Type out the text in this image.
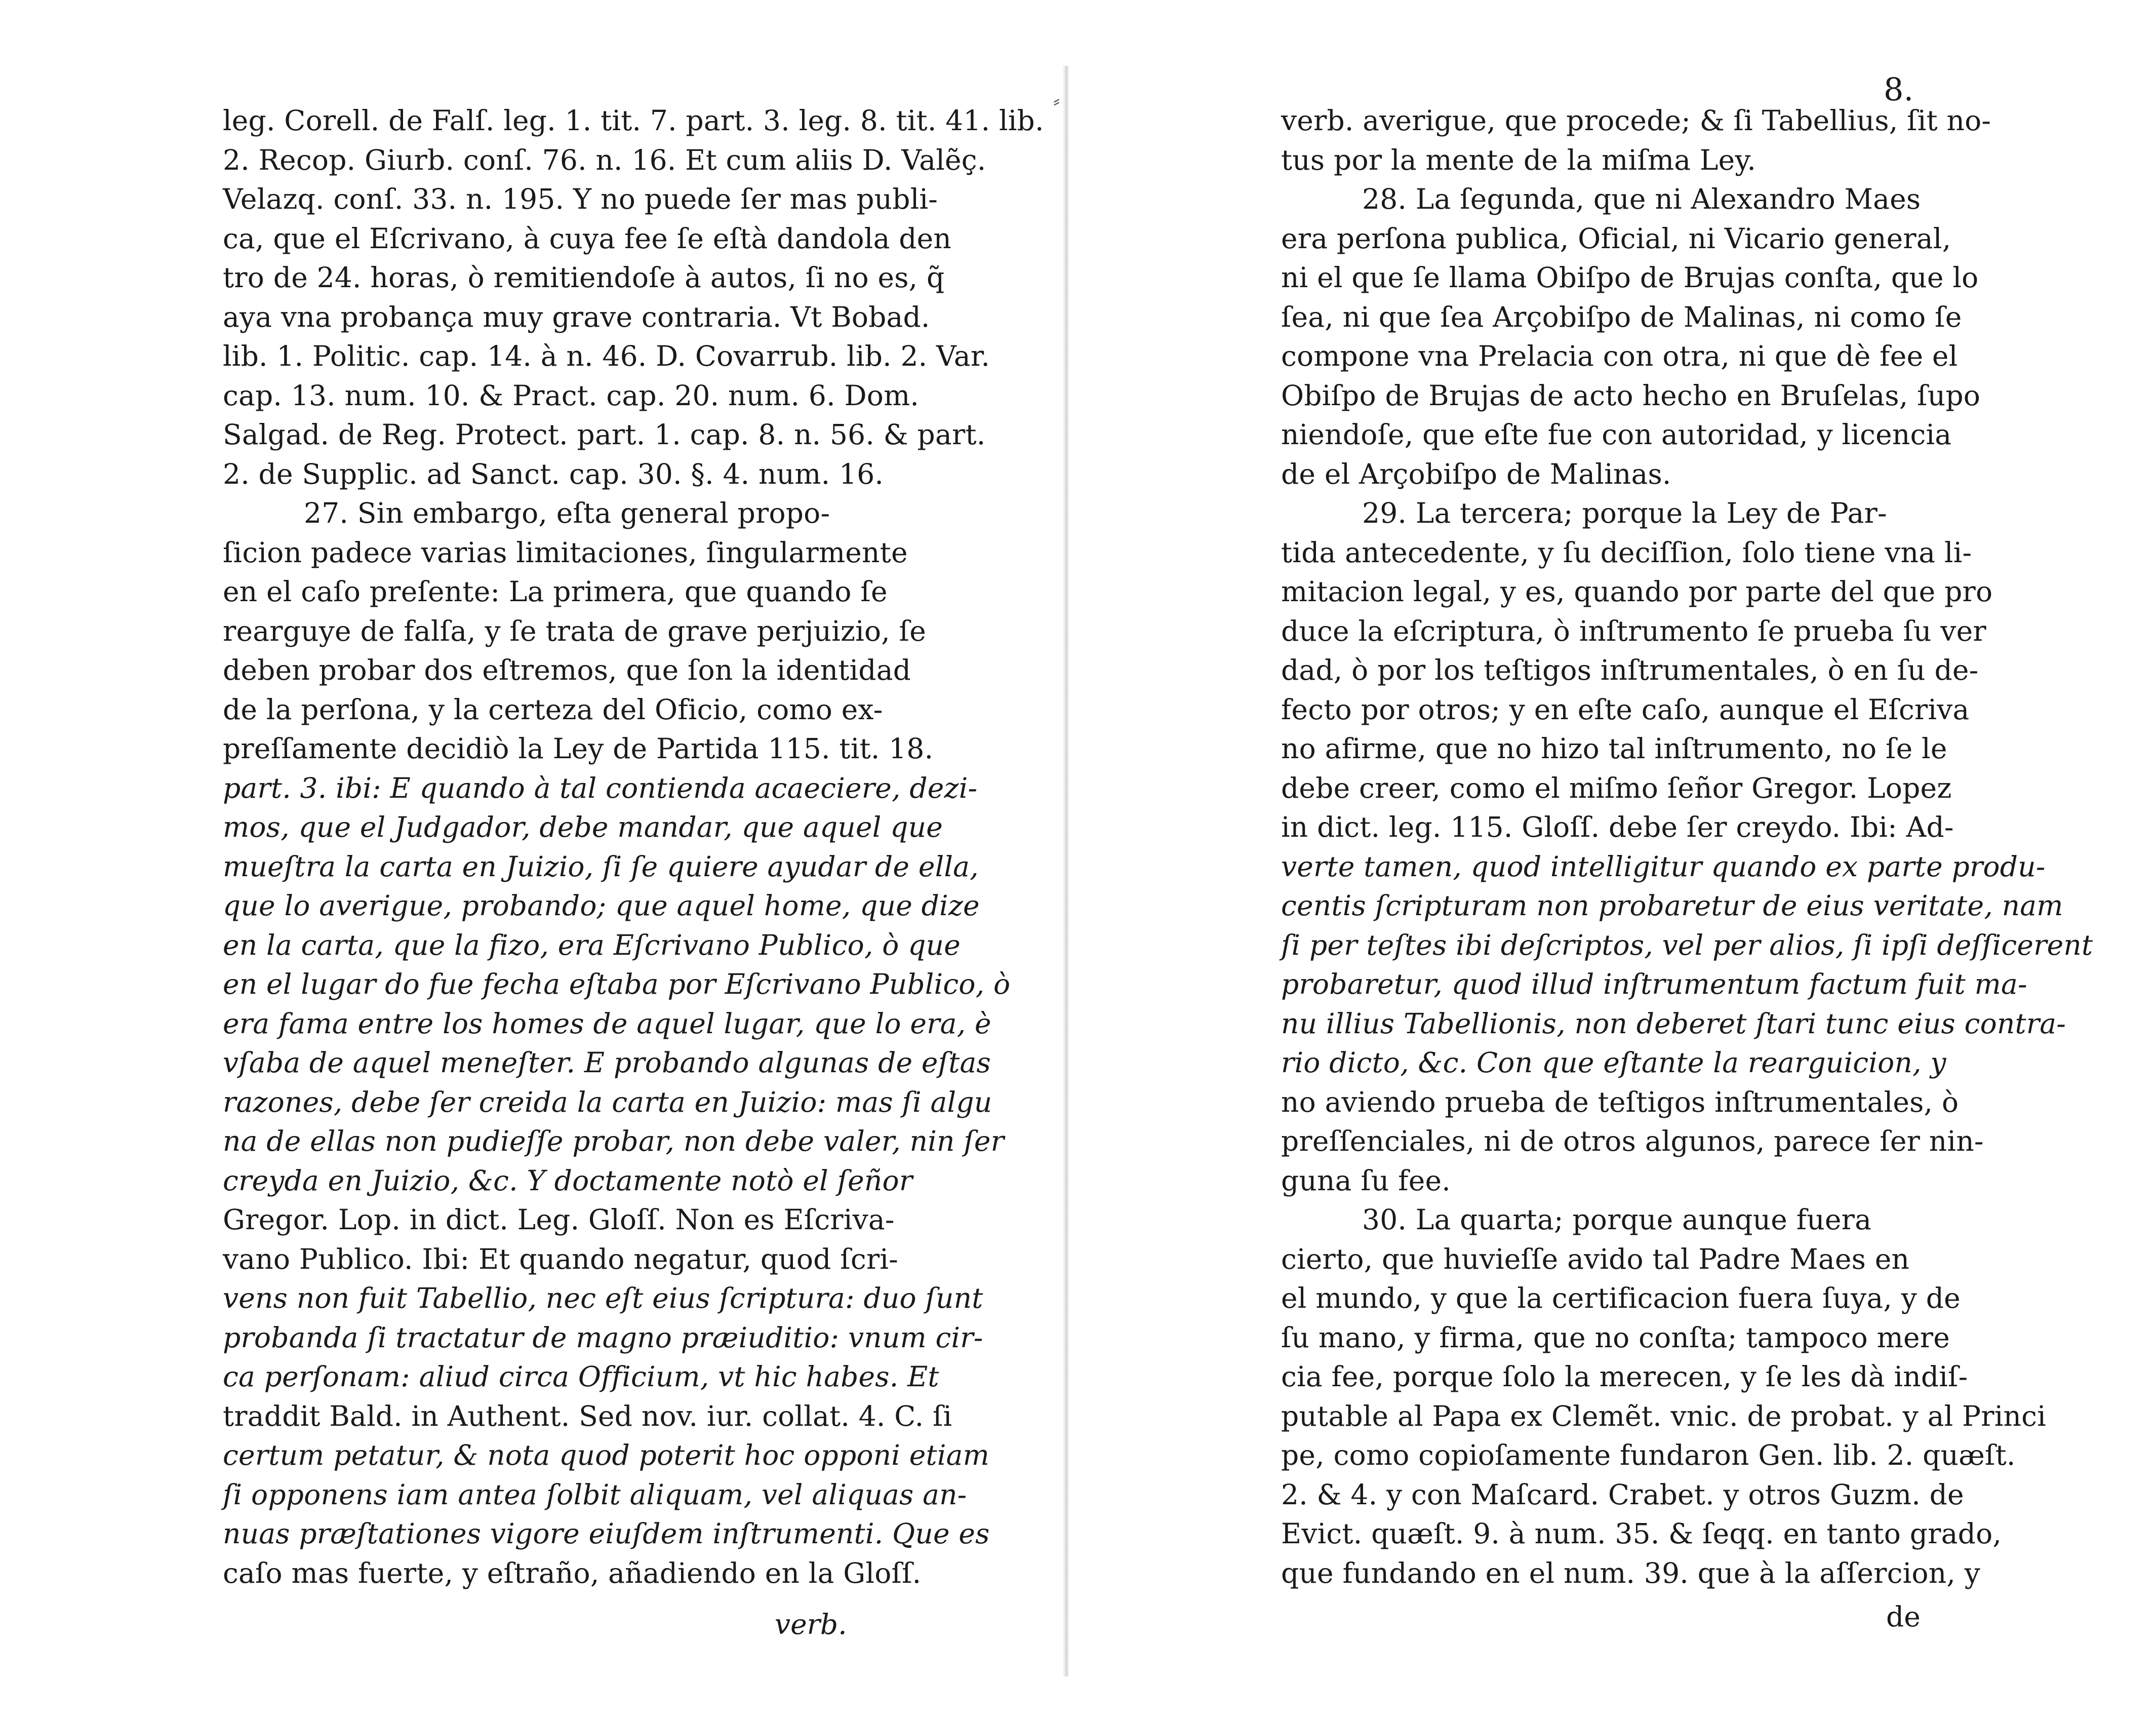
⸗	8.
leg. Corell. de Falſ. leg. 1. tit. 7. part. 3. leg. 8. tit. 41. lib.
2. Recop. Giurb. conſ. 76. n. 16. Et cum aliis D. Valẽç.
Velazq. conſ. 33. n. 195. Y no puede ſer mas publi-
ca, que el Eſcrivano, à cuya fee ſe eſtà dandola den
tro de 24. horas, ò remitiendoſe à autos, ſi no es, q̃
aya vna probança muy grave contraria. Vt Bobad.
lib. 1. Politic. cap. 14. à n. 46. D. Covarrub. lib. 2. Var.
cap. 13. num. 10. & Pract. cap. 20. num. 6. Dom.
Salgad. de Reg. Protect. part. 1. cap. 8. n. 56. & part.
2. de Supplic. ad Sanct. cap. 30. §. 4. num. 16.
27. Sin embargo, eſta general propo-
ſicion padece varias limitaciones, ſingularmente
en el caſo preſente: La primera, que quando ſe
rearguye de falſa, y ſe trata de grave perjuizio, ſe
deben probar dos eſtremos, que ſon la identidad
de la perſona, y la certeza del Oficio, como ex-
preſſamente decidiò la Ley de Partida 115. tit. 18.
part. 3. ibi: E quando à tal contienda acaeciere, dezi-
mos, que el Judgador, debe mandar, que aquel que
mueſtra la carta en Juizio, ſi ſe quiere ayudar de ella,
que lo averigue, probando; que aquel home, que dize
en la carta, que la fizo, era Eſcrivano Publico, ò que
en el lugar do fue fecha eſtaba por Eſcrivano Publico, ò
era fama entre los homes de aquel lugar, que lo era, è
vſaba de aquel meneſter. E probando algunas de eſtas
razones, debe ſer creida la carta en Juizio: mas ſi algu
na de ellas non pudieſſe probar, non debe valer, nin ſer
creyda en Juizio, &c. Y doctamente notò el ſeñor
Gregor. Lop. in dict. Leg. Gloſſ. Non es Eſcriva-
vano Publico. Ibi: Et quando negatur, quod ſcri-
vens non fuit Tabellio, nec eſt eius ſcriptura: duo ſunt
probanda ſi tractatur de magno præiuditio: vnum cir-
ca perſonam: aliud circa Officium, vt hic habes. Et
traddit Bald. in Authent. Sed nov. iur. collat. 4. C. ſi
certum petatur, & nota quod poterit hoc opponi etiam
ſi opponens iam antea ſolbit aliquam, vel aliquas an-
nuas præſtationes vigore eiuſdem inſtrumenti. Que es
caſo mas fuerte, y eſtraño, añadiendo en la Gloſſ.
verb.
verb. averigue, que procede; & ſi Tabellius, ſit no-
tus por la mente de la miſma Ley.
28. La ſegunda, que ni Alexandro Maes
era perſona publica, Oficial, ni Vicario general,
ni el que ſe llama Obiſpo de Brujas conſta, que lo
ſea, ni que ſea Arçobiſpo de Malinas, ni como ſe
compone vna Prelacia con otra, ni que dè fee el
Obiſpo de Brujas de acto hecho en Bruſelas, ſupo
niendoſe, que eſte fue con autoridad, y licencia
de el Arçobiſpo de Malinas.
29. La tercera; porque la Ley de Par-
tida antecedente, y ſu deciſſion, ſolo tiene vna li-
mitacion legal, y es, quando por parte del que pro
duce la eſcriptura, ò inſtrumento ſe prueba ſu ver
dad, ò por los teſtigos inſtrumentales, ò en ſu de-
fecto por otros; y en eſte caſo, aunque el Eſcriva
no afirme, que no hizo tal inſtrumento, no ſe le
debe creer, como el miſmo ſeñor Gregor. Lopez
in dict. leg. 115. Gloſſ. debe ſer creydo. Ibi: Ad-
verte tamen, quod intelligitur quando ex parte produ-
centis ſcripturam non probaretur de eius veritate, nam
ſi per teſtes ibi deſcriptos, vel per alios, ſi ipſi deſſicerent
probaretur, quod illud inſtrumentum factum fuit ma-
nu illius Tabellionis, non deberet ſtari tunc eius contra-
rio dicto, &c. Con que eſtante la rearguicion, y
no aviendo prueba de teſtigos inſtrumentales, ò
preſſenciales, ni de otros algunos, parece ſer nin-
guna ſu fee.
30. La quarta; porque aunque fuera
cierto, que huvieſſe avido tal Padre Maes en
el mundo, y que la certificacion fuera ſuya, y de
ſu mano, y firma, que no conſta; tampoco mere
cia fee, porque ſolo la merecen, y ſe les dà indiſ-
putable al Papa ex Clemẽt. vnic. de probat. y al Princi
pe, como copioſamente fundaron Gen. lib. 2. quæſt.
2. & 4. y con Maſcard. Crabet. y otros Guzm. de
Evict. quæſt. 9. à num. 35. & ſeqq. en tanto grado,
que fundando en el num. 39. que à la aſſercion, y
de
